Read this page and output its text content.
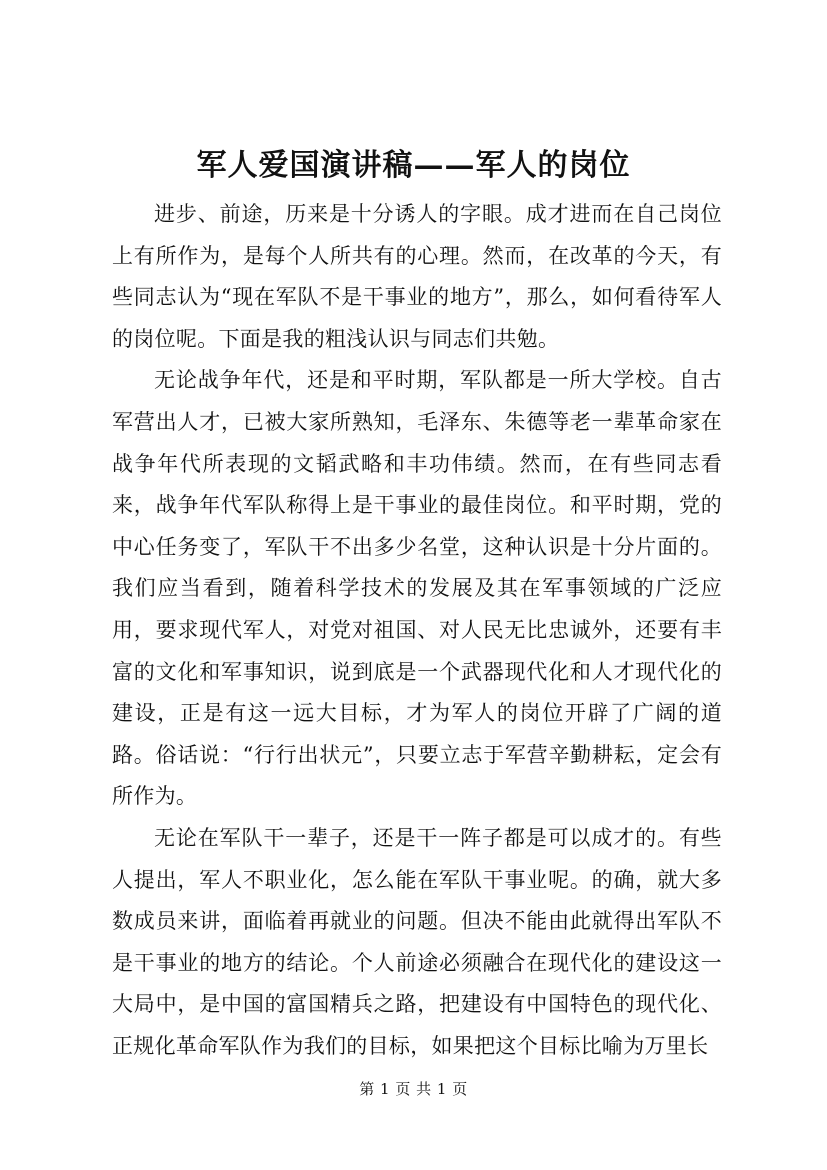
军人爱国演讲稿——军人的岗位

进步、前途，历来是十分诱人的字眼。成才进而在自己岗位上有所作为，是每个人所共有的心理。然而，在改革的今天，有些同志认为“现在军队不是干事业的地方”，那么，如何看待军人的岗位呢。下面是我的粗浅认识与同志们共勉。

无论战争年代，还是和平时期，军队都是一所大学校。自古军营出人才，已被大家所熟知，毛泽东、朱德等老一辈革命家在战争年代所表现的文韬武略和丰功伟绩。然而，在有些同志看来，战争年代军队称得上是干事业的最佳岗位。和平时期，党的中心任务变了，军队干不出多少名堂，这种认识是十分片面的。我们应当看到，随着科学技术的发展及其在军事领域的广泛应用，要求现代军人，对党对祖国、对人民无比忠诚外，还要有丰富的文化和军事知识，说到底是一个武器现代化和人才现代化的建设，正是有这一远大目标，才为军人的岗位开辟了广阔的道路。俗话说：“行行出状元”，只要立志于军营辛勤耕耘，定会有所作为。

无论在军队干一辈子，还是干一阵子都是可以成才的。有些人提出，军人不职业化，怎么能在军队干事业呢。的确，就大多数成员来讲，面临着再就业的问题。但决不能由此就得出军队不是干事业的地方的结论。个人前途必须融合在现代化的建设这一大局中，是中国的富国精兵之路，把建设有中国特色的现代化、正规化革命军队作为我们的目标，如果把这个目标比喻为万里长

第 1 页 共 1 页
